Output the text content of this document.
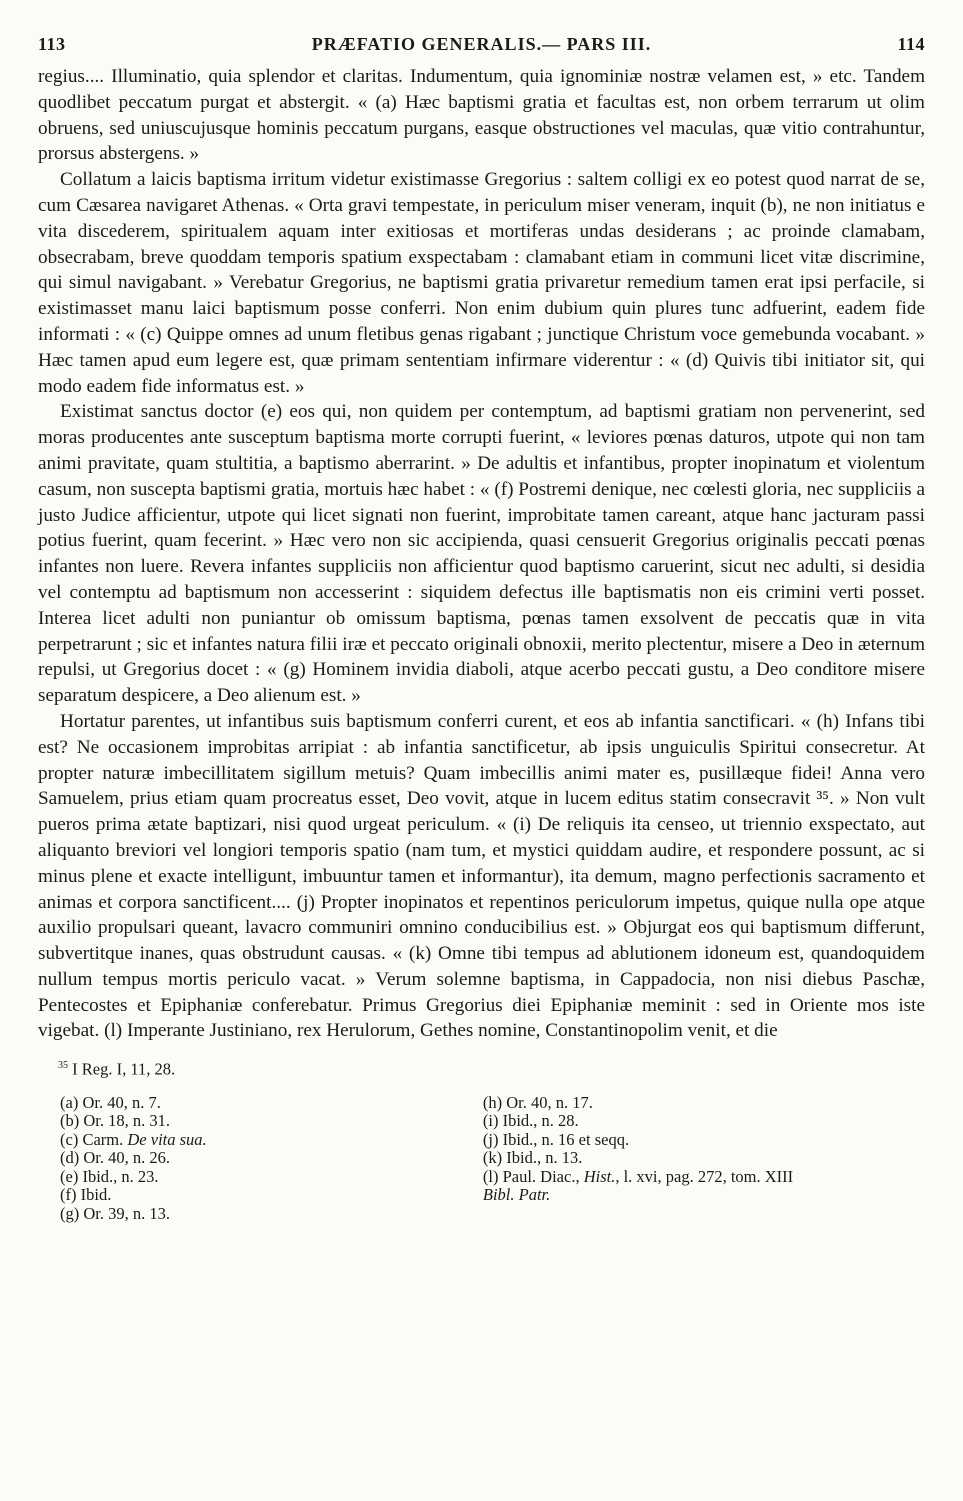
113	PRÆFATIO GENERALIS.— PARS III.	114

regius.... Illuminatio, quia splendor et claritas. Indumentum, quia ignominiæ nostræ velamen est, » etc. Tandem quodlibet peccatum purgat et abstergit. « (a) Hæc baptismi gratia et facultas est, non orbem terrarum ut olim obruens, sed uniuscujusque hominis peccatum purgans, easque obstructiones vel maculas, quæ vitio contrahuntur, prorsus abstergens. »

Collatum a laicis baptisma irritum videtur existimasse Gregorius : saltem colligi ex eo potest quod narrat de se, cum Cæsarea navigaret Athenas. « Orta gravi tempestate, in periculum miser veneram, inquit (b), ne non initiatus e vita discederem, spiritualem aquam inter exitiosas et mortiferas undas desiderans ; ac proinde clamabam, obsecrabam, breve quoddam temporis spatium exspectabam : clamabant etiam in communi licet vitæ discrimine, qui simul navigabant. » Verebatur Gregorius, ne baptismi gratia privaretur remedium tamen erat ipsi perfacile, si existimasset manu laici baptismum posse conferri. Non enim dubium quin plures tunc adfuerint, eadem fide informati : « (c) Quippe omnes ad unum fletibus genas rigabant ; junctique Christum voce gemebunda vocabant. » Hæc tamen apud eum legere est, quæ primam sententiam infirmare viderentur : « (d) Quivis tibi initiator sit, qui modo eadem fide informatus est. »

Existimat sanctus doctor (e) eos qui, non quidem per contemptum, ad baptismi gratiam non pervenerint, sed moras producentes ante susceptum baptisma morte corrupti fuerint, « leviores pœnas daturos, utpote qui non tam animi pravitate, quam stultitia, a baptismo aberrarint. » De adultis et infantibus, propter inopinatum et violentum casum, non suscepta baptismi gratia, mortuis hæc habet : « (f) Postremi denique, nec cœlesti gloria, nec suppliciis a justo Judice afficientur, utpote qui licet signati non fuerint, improbitate tamen careant, atque hanc jacturam passi potius fuerint, quam fecerint. » Hæc vero non sic accipienda, quasi censuerit Gregorius originalis peccati pœnas infantes non luere. Revera infantes suppliciis non afficientur quod baptismo caruerint, sicut nec adulti, si desidia vel contemptu ad baptismum non accesserint : siquidem defectus ille baptismatis non eis crimini verti posset. Interea licet adulti non puniantur ob omissum baptisma, pœnas tamen exsolvent de peccatis quæ in vita perpetrarunt ; sic et infantes natura filii iræ et peccato originali obnoxii, merito plectentur, misere a Deo in æternum repulsi, ut Gregorius docet : « (g) Hominem invidia diaboli, atque acerbo peccati gustu, a Deo conditore misere separatum despicere, a Deo alienum est. »

Hortatur parentes, ut infantibus suis baptismum conferri curent, et eos ab infantia sanctificari. « (h) Infans tibi est? Ne occasionem improbitas arripiat : ab infantia sanctificetur, ab ipsis unguiculis Spiritui consecretur. At propter naturæ imbecillitatem sigillum metuis? Quam imbecillis animi mater es, pusillæque fidei! Anna vero Samuelem, prius etiam quam procreatus esset, Deo vovit, atque in lucem editus statim consecravit ³⁵. » Non vult pueros prima ætate baptizari, nisi quod urgeat periculum. « (i) De reliquis ita censeo, ut triennio exspectato, aut aliquanto breviori vel longiori temporis spatio (nam tum, et mystici quiddam audire, et respondere possunt, ac si minus plene et exacte intelligunt, imbuuntur tamen et informantur), ita demum, magno perfectionis sacramento et animas et corpora sanctificent.... (j) Propter inopinatos et repentinos periculorum impetus, quique nulla ope atque auxilio propulsari queant, lavacro communiri omnino conducibilius est. » Objurgat eos qui baptismum differunt, subvertitque inanes, quas obstrudunt causas. « (k) Omne tibi tempus ad ablutionem idoneum est, quandoquidem nullum tempus mortis periculo vacat. » Verum solemne baptisma, in Cappadocia, non nisi diebus Paschæ, Pentecostes et Epiphaniæ conferebatur. Primus Gregorius diei Epiphaniæ meminit : sed in Oriente mos iste vigebat. (l) Imperante Justiniano, rex Herulorum, Gethes nomine, Constantinopolim venit, et die

$^{35}$ I Reg. I, 11, 28.
(a) Or. 40, n. 7.
(b) Or. 18, n. 31.
(c) Carm. De vita sua.
(d) Or. 40, n. 26.
(e) Ibid., n. 23.
(f) Ibid.
(g) Or. 39, n. 13.
(h) Or. 40, n. 17.
(i) Ibid., n. 28.
(j) Ibid., n. 16 et seqq.
(k) Ibid., n. 13.
(l) Paul. Diac., Hist., l. xvi, pag. 272, tom. XIII
Bibl. Patr.
